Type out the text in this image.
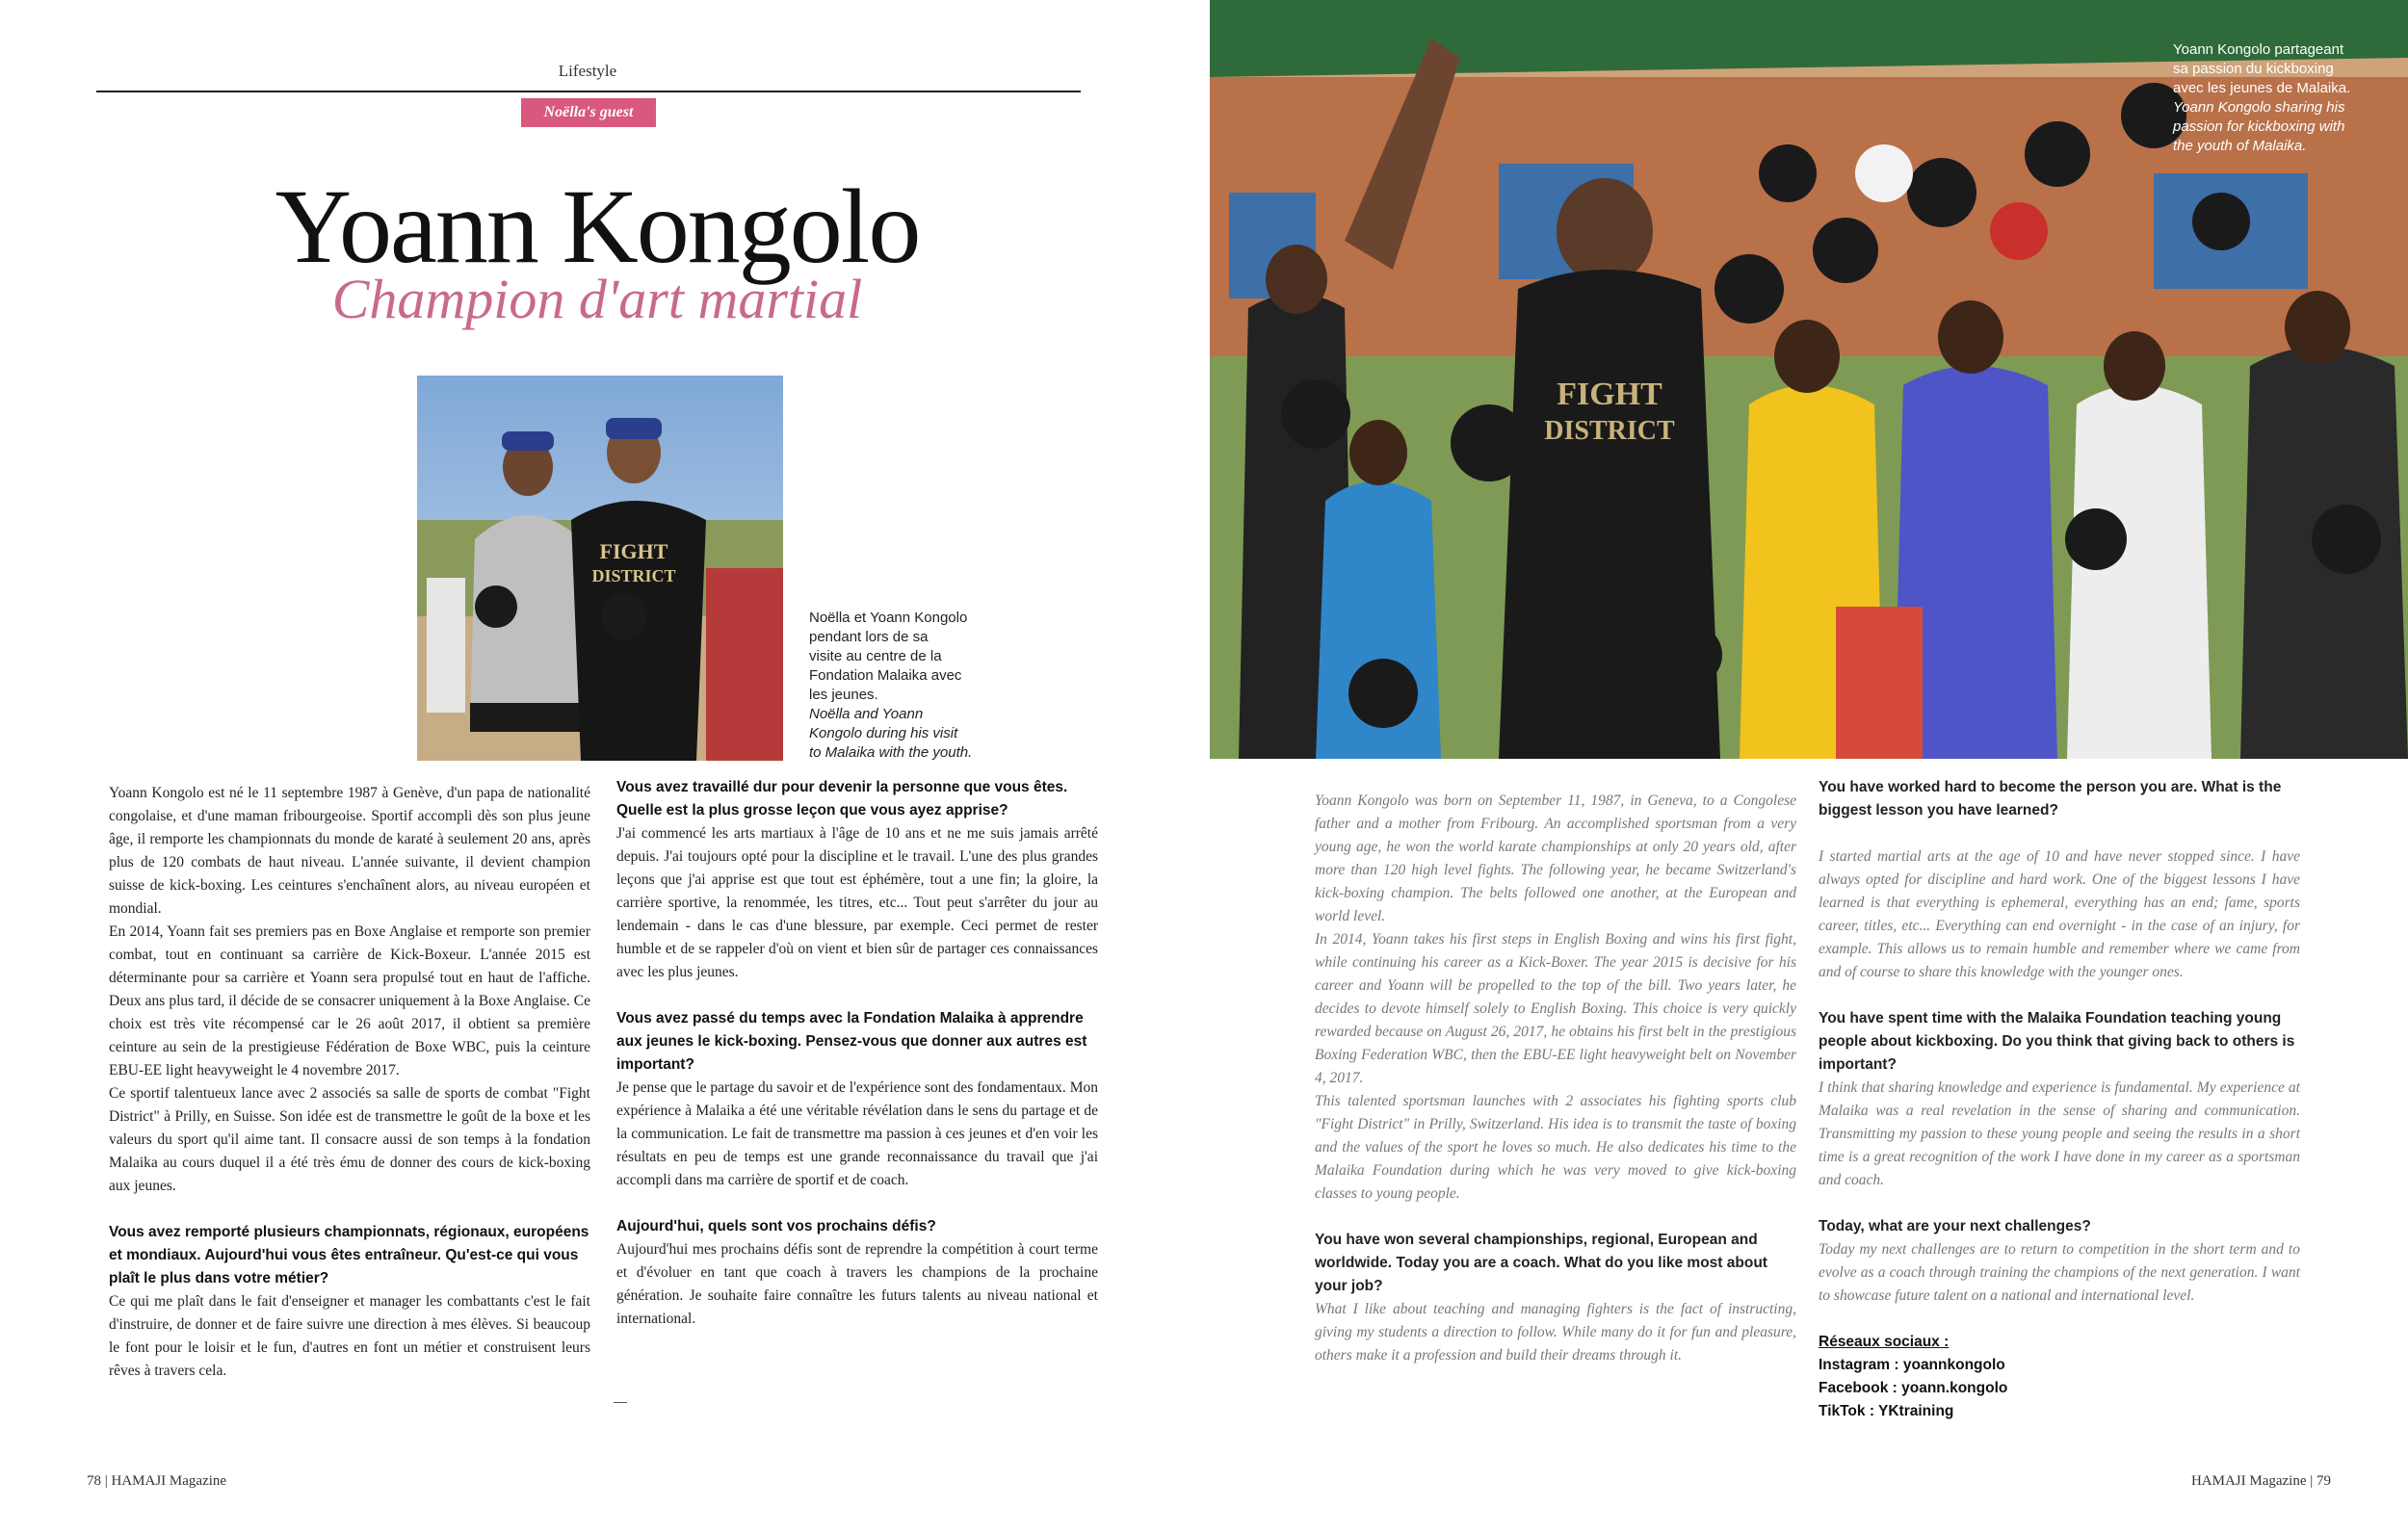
Lifestyle
Noëlla's guest
Yoann Kongolo
Champion d'art martial
FIGHT
DISTRICT
Noëlla et Yoann Kongolo
pendant lors de sa
visite au centre de la
Fondation Malaika avec
les jeunes.
Noëlla and Yoann
Kongolo during his visit
to Malaika with the youth.
FIGHT
DISTRICT
Yoann Kongolo partageant
sa passion du kickboxing
avec les jeunes de Malaika.
Yoann Kongolo sharing his
passion for kickboxing with
the youth of Malaika.

Yoann Kongolo est né le 11 septembre 1987 à Genève, d'un papa de nationalité congolaise, et d'une maman fribourgeoise. Sportif accompli dès son plus jeune âge, il remporte les championnats du monde de karaté à seulement 20 ans, après plus de 120 combats de haut niveau. L'année suivante, il devient champion suisse de kick-boxing. Les ceintures s'enchaînent alors, au niveau européen et mondial.

En 2014, Yoann fait ses premiers pas en Boxe Anglaise et remporte son premier combat, tout en continuant sa carrière de Kick-Boxeur. L'année 2015 est déterminante pour sa carrière et Yoann sera propulsé tout en haut de l'affiche. Deux ans plus tard, il décide de se consacrer uniquement à la Boxe Anglaise. Ce choix est très vite récompensé car le 26 août 2017, il obtient sa première ceinture au sein de la prestigieuse Fédération de Boxe WBC, puis la ceinture EBU-EE light heavyweight le 4 novembre 2017.

Ce sportif talentueux lance avec 2 associés sa salle de sports de combat "Fight District" à Prilly, en Suisse. Son idée est de transmettre le goût de la boxe et les valeurs du sport qu'il aime tant. Il consacre aussi de son temps à la fondation Malaika au cours duquel il a été très ému de donner des cours de kick-boxing aux jeunes.

Vous avez remporté plusieurs championnats, régionaux, européens et mondiaux. Aujourd'hui vous êtes entraîneur. Qu'est-ce qui vous plaît le plus dans votre métier?

Ce qui me plaît dans le fait d'enseigner et manager les combattants c'est le fait d'instruire, de donner et de faire suivre une direction à mes élèves. Si beaucoup le font pour le loisir et le fun, d'autres en font un métier et construisent leurs rêves à travers cela.

Vous avez travaillé dur pour devenir la personne que vous êtes. Quelle est la plus grosse leçon que vous ayez apprise?

J'ai commencé les arts martiaux à l'âge de 10 ans et ne me suis jamais arrêté depuis. J'ai toujours opté pour la discipline et le travail. L'une des plus grandes leçons que j'ai apprise est que tout est éphémère, tout a une fin; la gloire, la carrière sportive, la renommée, les titres, etc... Tout peut s'arrêter du jour au lendemain - dans le cas d'une blessure, par exemple. Ceci permet de rester humble et de se rappeler d'où on vient et bien sûr de partager ces connaissances avec les plus jeunes.

Vous avez passé du temps avec la Fondation Malaika à apprendre aux jeunes le kick-boxing. Pensez-vous que donner aux autres est important?

Je pense que le partage du savoir et de l'expérience sont des fondamentaux. Mon expérience à Malaika a été une véritable révélation dans le sens du partage et de la communication. Le fait de transmettre ma passion à ces jeunes et d'en voir les résultats en peu de temps est une grande reconnaissance du travail que j'ai accompli dans ma carrière de sportif et de coach.

Aujourd'hui, quels sont vos prochains défis?

Aujourd'hui mes prochains défis sont de reprendre la compétition à court terme et d'évoluer en tant que coach à travers les champions de la prochaine génération. Je souhaite faire connaître les futurs talents au niveau national et international.

Yoann Kongolo was born on September 11, 1987, in Geneva, to a Congolese father and a mother from Fribourg. An accomplished sportsman from a very young age, he won the world karate championships at only 20 years old, after more than 120 high level fights. The following year, he became Switzerland's kick-boxing champion. The belts followed one another, at the European and world level.

In 2014, Yoann takes his first steps in English Boxing and wins his first fight, while continuing his career as a Kick-Boxer. The year 2015 is decisive for his career and Yoann will be propelled to the top of the bill. Two years later, he decides to devote himself solely to English Boxing. This choice is very quickly rewarded because on August 26, 2017, he obtains his first belt in the prestigious Boxing Federation WBC, then the EBU-EE light heavyweight belt on November 4, 2017.

This talented sportsman launches with 2 associates his fighting sports club "Fight District" in Prilly, Switzerland. His idea is to transmit the taste of boxing and the values of the sport he loves so much. He also dedicates his time to the Malaika Foundation during which he was very moved to give kick-boxing classes to young people.

You have won several championships, regional, European and worldwide. Today you are a coach. What do you like most about your job?

What I like about teaching and managing fighters is the fact of instructing, giving my students a direction to follow. While many do it for fun and pleasure, others make it a profession and build their dreams through it.

You have worked hard to become the person you are. What is the biggest lesson you have learned?

I started martial arts at the age of 10 and have never stopped since. I have always opted for discipline and hard work. One of the biggest lessons I have learned is that everything is ephemeral, everything has an end; fame, sports career, titles, etc... Everything can end overnight - in the case of an injury, for example. This allows us to remain humble and remember where we came from and of course to share this knowledge with the younger ones.

You have spent time with the Malaika Foundation teaching young people about kickboxing. Do you think that giving back to others is important?

I think that sharing knowledge and experience is fundamental. My experience at Malaika was a real revelation in the sense of sharing and communication. Transmitting my passion to these young people and seeing the results in a short time is a great recognition of the work I have done in my career as a sportsman and coach.

Today, what are your next challenges?

Today my next challenges are to return to competition in the short term and to evolve as a coach through training the champions of the next generation. I want to showcase future talent on a national and international level.

Réseaux sociaux :

Instagram : yoannkongolo

Facebook : yoann.kongolo

TikTok : YKtraining

78 | HAMAJI Magazine	HAMAJI Magazine | 79
